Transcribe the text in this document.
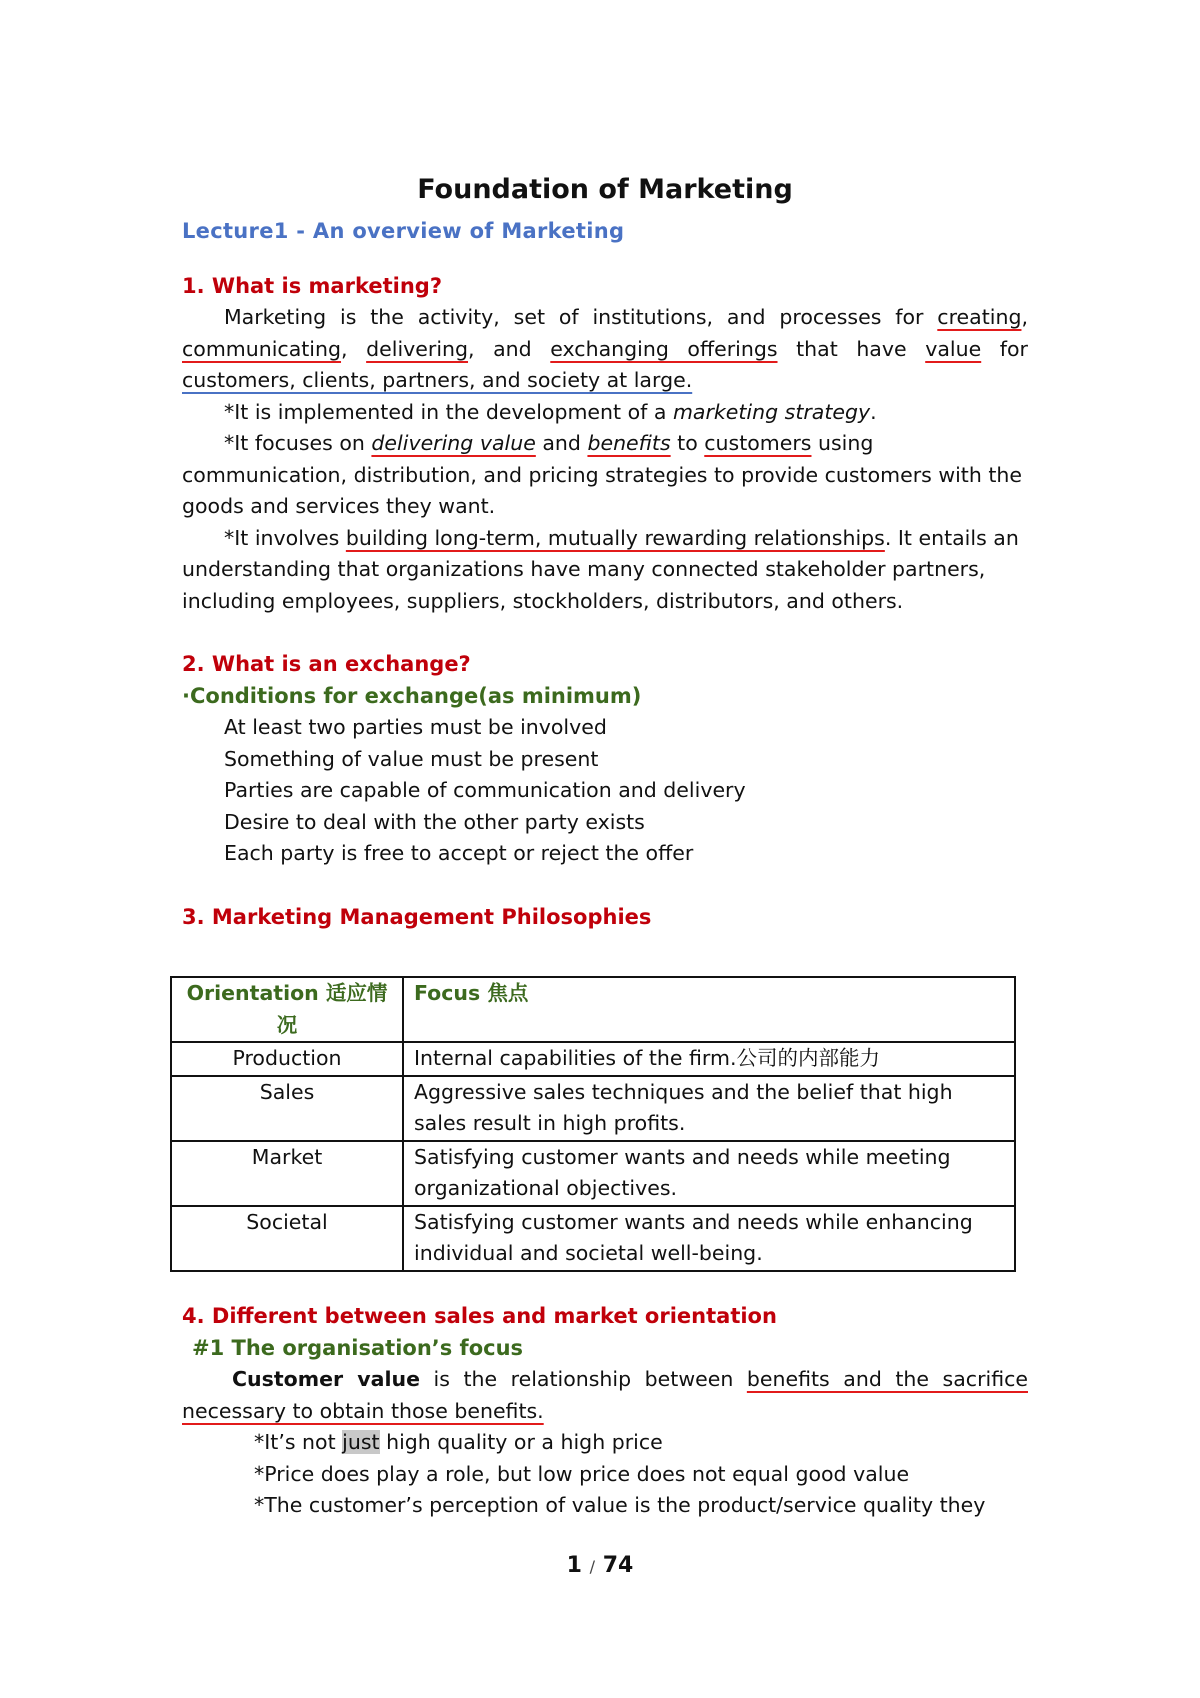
Foundation of Marketing
Lecture1 - An overview of Marketing
1. What is marketing?
Marketing is the activity, set of institutions, and processes for creating, communicating, delivering, and exchanging offerings that have value for customers, clients, partners, and society at large.
*It is implemented in the development of a marketing strategy.
*It focuses on delivering value and benefits to customers using communication, distribution, and pricing strategies to provide customers with the goods and services they want.
*It involves building long-term, mutually rewarding relationships. It entails an understanding that organizations have many connected stakeholder partners, including employees, suppliers, stockholders, distributors, and others.
2. What is an exchange?
·Conditions for exchange(as minimum)
At least two parties must be involved
Something of value must be present
Parties are capable of communication and delivery
Desire to deal with the other party exists
Each party is free to accept or reject the offer
3. Marketing Management Philosophies
Orientation 适应情况	Focus 焦点
Production	Internal capabilities of the firm.公司的内部能力
Sales	Aggressive sales techniques and the belief that high sales result in high profits.
Market	Satisfying customer wants and needs while meeting organizational objectives.
Societal	Satisfying customer wants and needs while enhancing individual and societal well-being.
4. Different between sales and market orientation
#1 The organisation’s focus
Customer value is the relationship between benefits and the sacrifice necessary to obtain those benefits.
*It’s not just high quality or a high price
*Price does play a role, but low price does not equal good value
*The customer’s perception of value is the product/service quality they
1 / 74
